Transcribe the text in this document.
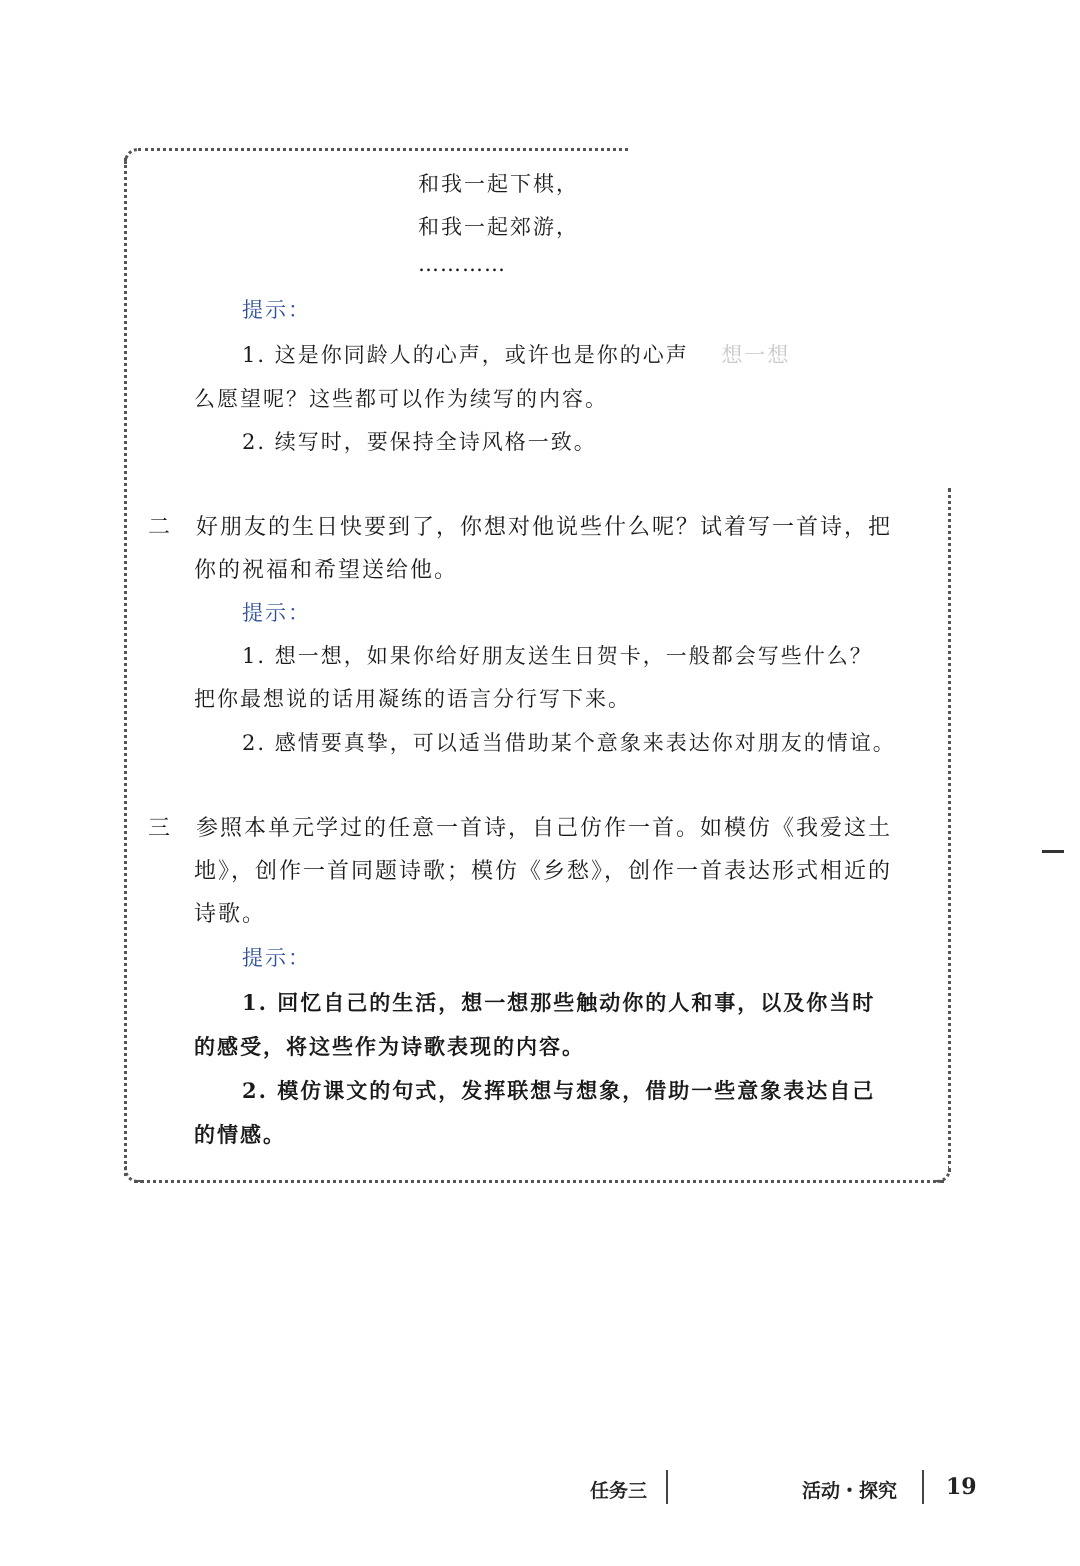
和我一起下棋，
和我一起郊游，
…………
提示：
1. 这是你同龄人的心声，或许也是你的心声 想一想
么愿望呢？这些都可以作为续写的内容。
2. 续写时，要保持全诗风格一致。
二 好朋友的生日快要到了，你想对他说些什么呢？试着写一首诗，把
你的祝福和希望送给他。
提示：
1. 想一想，如果你给好朋友送生日贺卡，一般都会写些什么？
把你最想说的话用凝练的语言分行写下来。
2. 感情要真挚，可以适当借助某个意象来表达你对朋友的情谊。
三 参照本单元学过的任意一首诗，自己仿作一首。如模仿《我爱这土
地》，创作一首同题诗歌；模仿《乡愁》，创作一首表达形式相近的
诗歌。
提示：
1. 回忆自己的生活，想一想那些触动你的人和事，以及你当时
的感受，将这些作为诗歌表现的内容。
2. 模仿课文的句式，发挥联想与想象，借助一些意象表达自己
的情感。
任务三	活动・探究 19
